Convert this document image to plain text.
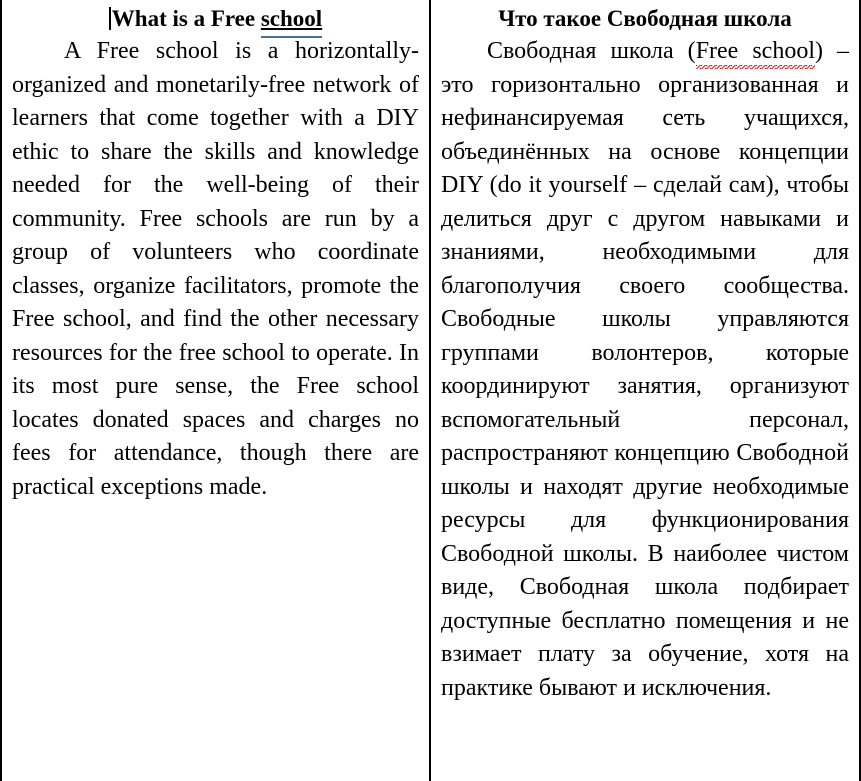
What is a Free school

A Free school is a horizontally-organized and monetarily-free network of learners that come together with a DIY ethic to share the skills and knowledge needed for the well-being of their community. Free schools are run by a group of volunteers who coordinate classes, organize facilitators, promote the Free school, and find the other necessary resources for the free school to operate. In its most pure sense, the Free school locates donated spaces and charges no fees for attendance, though there are practical exceptions made.

Что такое Свободная школа

Свободная школа (Free school) – это горизонтально организованная и нефинансируемая сеть учащихся, объединённых на основе концепции DIY (do it yourself – сделай сам), чтобы делиться друг с другом навыками и знаниями, необходимыми для благополучия своего сообщества. Свободные школы управляются группами волонтеров, которые координируют занятия, организуют вспомогательный персонал, распространяют концепцию Свободной школы и находят другие необходимые ресурсы для функционирования Свободной школы. В наиболее чистом виде, Свободная школа подбирает доступные бесплатно помещения и не взимает плату за обучение, хотя на практике бывают и исключения.
